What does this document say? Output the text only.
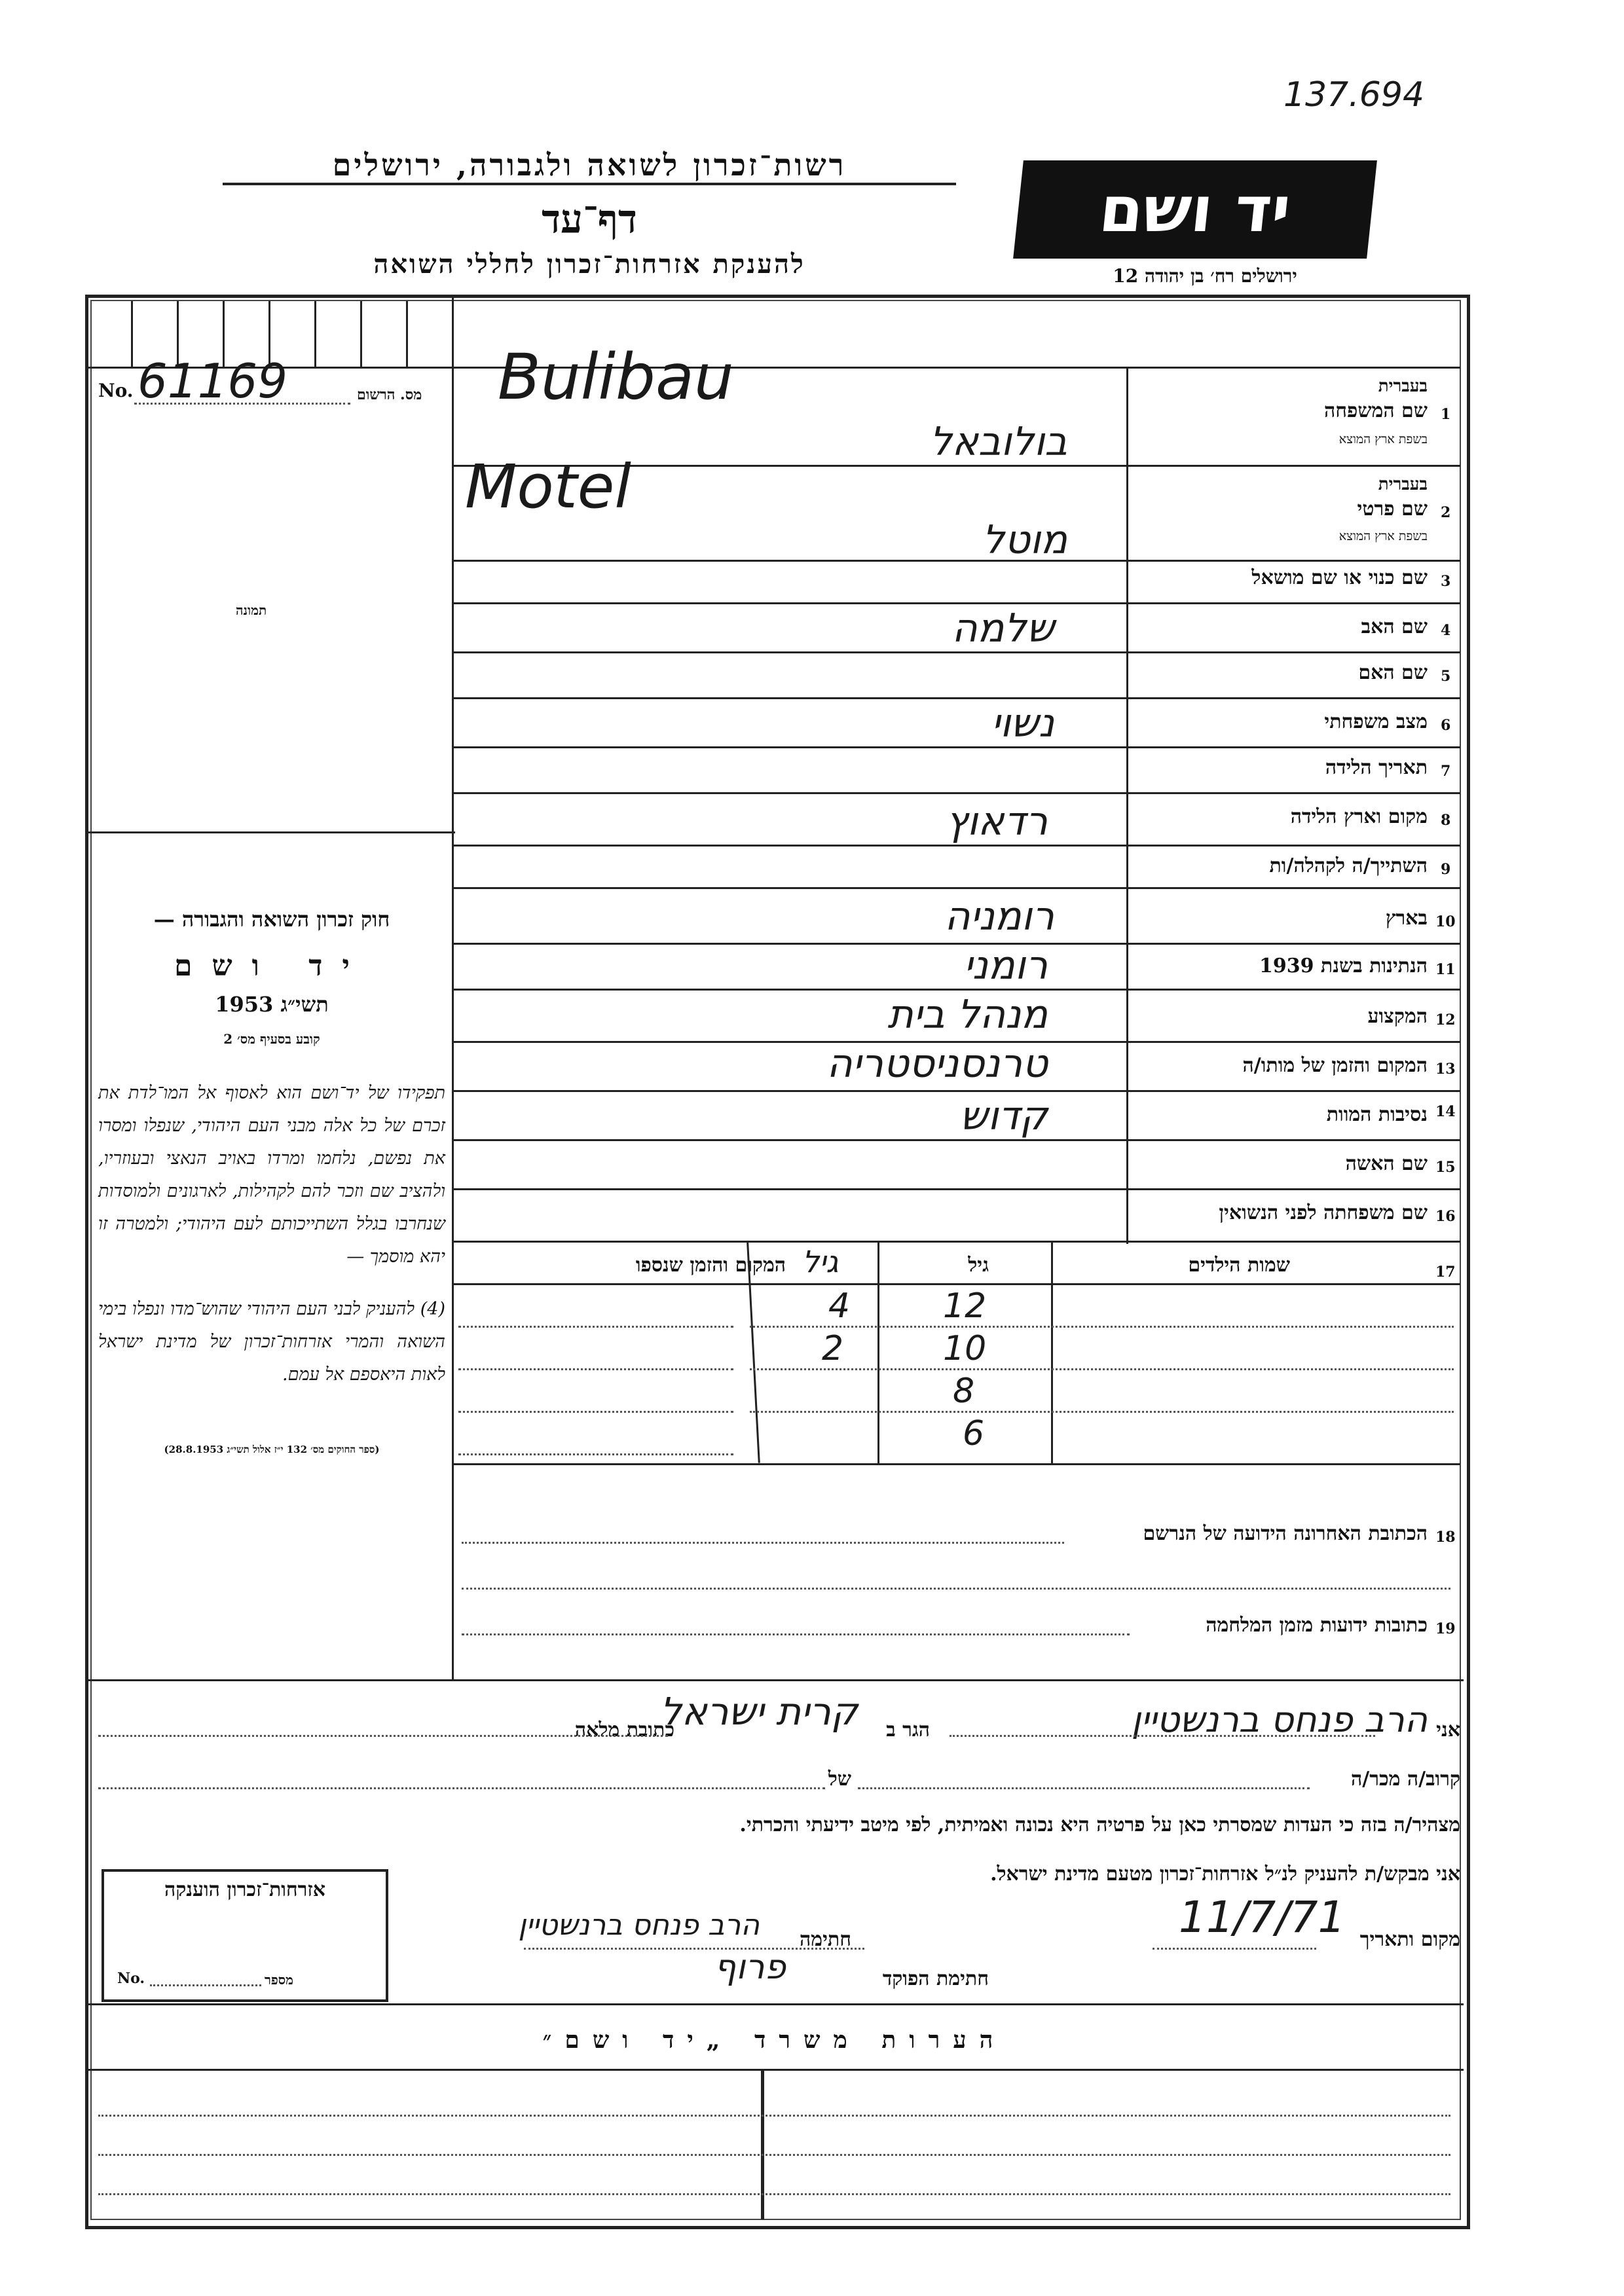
137.694
רשות־זכרון לשואה ולגבורה, ירושלים
דף־עד
להענקת אזרחות־זכרון לחללי השואה
יד ושם
ירושלים רח׳ בן יהודה 12
No. 61169	מס. הרשום
תמונה
חוק זכרון השואה והגבורה —
יד ושם
תשי״ג 1953
קובע בסעיף מס׳ 2
תפקידו של יד־ושם הוא לאסוף אל המו־לדת את זכרם של כל אלה מבני העם היהודי, שנפלו ומסרו את נפשם, נלחמו ומרדו באויב הנאצי ובעוזריו, ולהציב שם וזכר להם לקהילות, לארגונים ולמוסדות שנחרבו בגלל השתייכותם לעם היהודי; ולמטרה זו יהא מוסמך —
(4) להעניק לבני העם היהודי שהוש־מדו ונפלו בימי השואה והמרי אזרחות־זכרון של מדינת ישראל לאות היאספם אל עמם.
(ספר החוקים מס׳ 132 י״ז אלול תשי״ג 28.8.1953)
1
שם המשפחה
בעברית
בשפת ארץ המוצא
Bulibau
בולובאל
2
שם פרטי
בעברית
בשפת ארץ המוצא
Motel
מוטל
3
שם כנוי או שם מושאל
4
שם האב
שלמה
5
שם האם
6
מצב משפחתי
נשוי
7
תאריך הלידה
8
מקום וארץ הלידה
רדאוץ
9
השתייך/ה לקהלה/ות
10
בארץ
רומניה
11
הנתינות בשנת 1939
רומני
12
המקצוע
מנהל בית
13
המקום והזמן של מותו/ה
טרנסניסטריה
14
נסיבות המוות
קדוש
15
שם האשה
16
שם משפחתה לפני הנשואין
17
שמות הילדים
גיל
גיל
המקום והזמן שנספו
12
10
8
6
4
2
18
הכתובת האחרונה הידועה של הנרשם
19
כתובות ידועות מזמן המלחמה
אני
הרב פנחס ברנשטיין
הגר ב
קרית ישראל
כתובת מלאה
קרוב/ה מכר/ה
של
מצהיר/ה בזה כי העדות שמסרתי כאן על פרטיה היא נכונה ואמיתית, לפי מיטב ידיעתי והכרתי.
אני מבקש/ת להעניק לנ״ל אזרחות־זכרון מטעם מדינת ישראל.
מקום ותאריך
11/7/71
חתימה
הרב פנחס ברנשטיין
חתימת הפוקד
פרוף
אזרחות־זכרון הוענקה
No.	מספר
הערות משרד „יד ושם״
